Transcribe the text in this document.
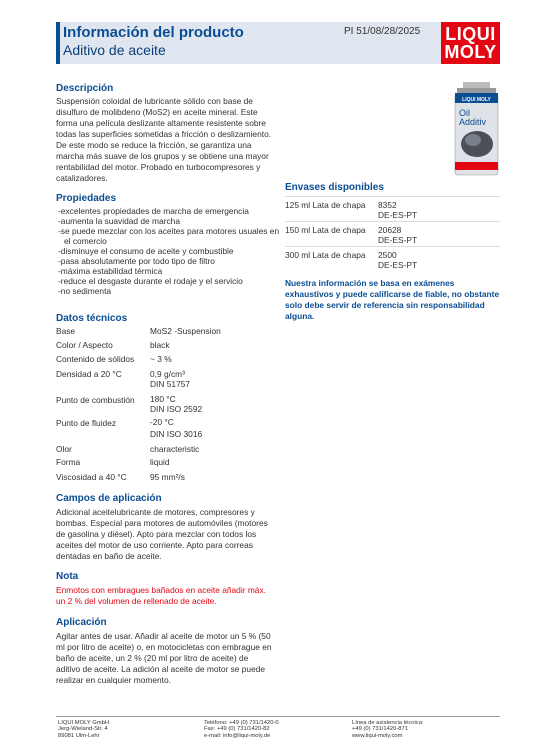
Información del producto
Aditivo de aceite
PI 51/08/28/2025 LIQUI
MOLY
LIQUI MOLY
Oil
Additiv
Descripción
Suspensión coloidal de lubricante sólido con base de disulfuro de molibdeno (MoS2) en aceite mineral. Este forma una película deslizante altamente resistente sobre todas las superficies sometidas a fricción o deslizamiento. De este modo se reduce la fricción, se garantiza una marcha más suave de los grupos y se obtiene una mayor rentabilidad del motor. Probado en turbocompresores y catalizadores.
Propiedades
-excelentes propiedades de marcha de emergencia
-aumenta la suavidad de marcha
-se puede mezclar con los aceites para motores usuales en el comercio
-disminuye el consumo de aceite y combustible
-pasa absolutamente por todo tipo de filtro
-máxima estabilidad térmica
-reduce el desgaste durante el rodaje y el servicio
-no sedimenta
Datos técnicos
Base	MoS2 -Suspension
Color / Aspecto	black
Contenido de sólidos	~ 3 %
Densidad a 20 °C	0,9 g/cm³
DIN 51757
Punto de combustión	180 °C
DIN ISO 2592
Punto de fluidez	-20 °C
DIN ISO 3016
Olor	characteristic
Forma	liquid
Viscosidad a 40 °C	95 mm²/s
Campos de aplicación
Adicional aceitelubricante de motores, compresores y bombas. Especial para motores de automóviles (motores de gasolina y diésel). Apto para mezclar con todos los aceites del motor de uso corriente. Apto para correas dentadas en baño de aceite.
Nota
Enmotos con embragues bañados en aceite añadir máx. un 2 % del volumen de rellenado de aceite.
Aplicación
Agitar antes de usar. Añadir al aceite de motor un 5 % (50 ml por litro de aceite) o, en motocicletas con embrague en baño de aceite, un 2 % (20 ml por litro de aceite) de aditivo de aceite. La adición al aceite de motor se puede realizar en cualquier momento.
Envases disponibles
125 ml Lata de chapa	8352
DE-ES-PT
150 ml Lata de chapa	20628
DE-ES-PT
300 ml Lata de chapa	2500
DE-ES-PT
Nuestra información se basa en exámenes exhaustivos y puede calificarse de fiable, no obstante solo debe servir de referencia sin responsabilidad alguna.
LIQUI MOLY GmbH
Jerg-Wieland-Str. 4
89081 Ulm-Lehr
Teléfono: +49 (0) 731/1420-0
Fax: +49 (0) 731/1420-82
e-mail: info@liqui-moly.de
Línea de asistencia técnica:
+49 (0) 731/1420-871
www.liqui-moly.com
